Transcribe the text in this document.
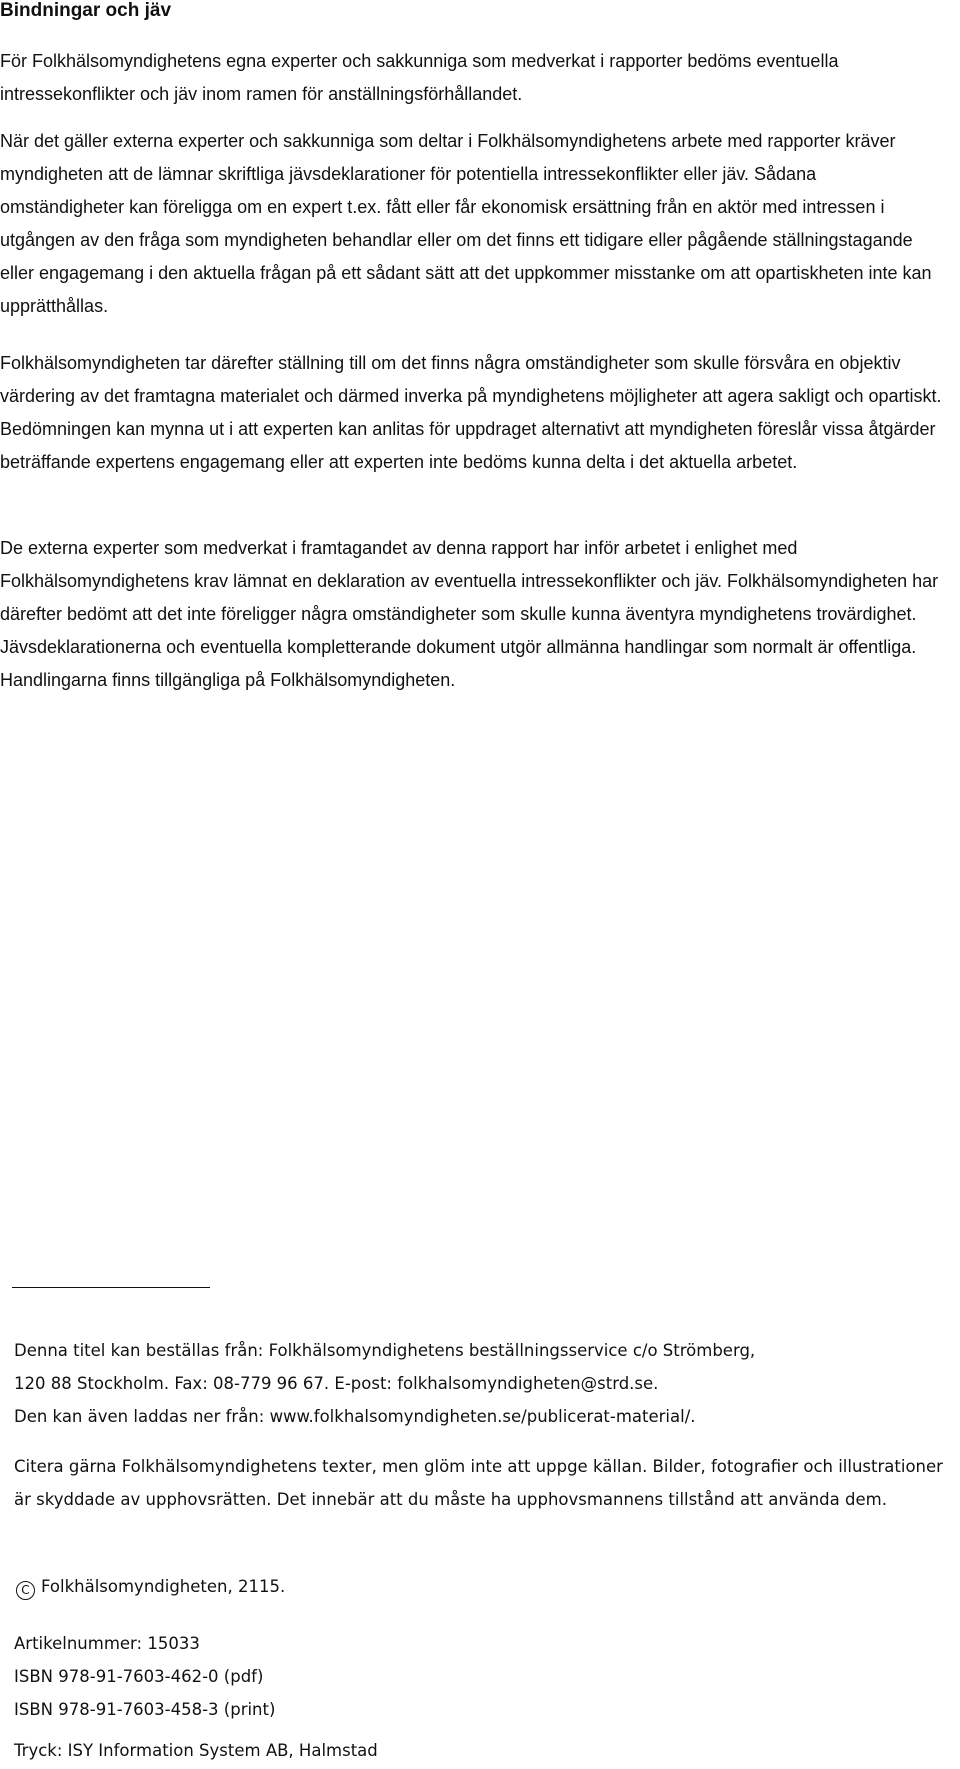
Bindningar och jäv

För Folkhälsomyndighetens egna experter och sakkunniga som medverkat i rapporter bedöms eventuella intressekonflikter och jäv inom ramen för anställningsförhållandet.

När det gäller externa experter och sakkunniga som deltar i Folkhälsomyndighetens arbete med rapporter kräver myndigheten att de lämnar skriftliga jävsdeklarationer för potentiella intressekonflikter eller jäv. Sådana omständigheter kan föreligga om en expert t.ex. fått eller får ekonomisk ersättning från en aktör med intressen i utgången av den fråga som myndigheten behandlar eller om det finns ett tidigare eller pågående ställningstagande eller engagemang i den aktuella frågan på ett sådant sätt att det uppkommer misstanke om att opartiskheten inte kan upprätthållas.

Folkhälsomyndigheten tar därefter ställning till om det finns några omständigheter som skulle försvåra en objektiv värdering av det framtagna materialet och därmed inverka på myndighetens möjligheter att agera sakligt och opartiskt. Bedömningen kan mynna ut i att experten kan anlitas för uppdraget alternativt att myndigheten föreslår vissa åtgärder beträffande expertens engagemang eller att experten inte bedöms kunna delta i det aktuella arbetet.

De externa experter som medverkat i framtagandet av denna rapport har inför arbetet i enlighet med Folkhälsomyndighetens krav lämnat en deklaration av eventuella intressekonflikter och jäv. Folkhälsomyndigheten har därefter bedömt att det inte föreligger några omständigheter som skulle kunna äventyra myndighetens trovärdighet. Jävsdeklarationerna och eventuella kompletterande dokument utgör allmänna handlingar som normalt är offentliga. Handlingarna finns tillgängliga på Folkhälsomyndigheten.

Denna titel kan beställas från: Folkhälsomyndighetens beställningsservice c/o Strömberg,
120 88 Stockholm. Fax: 08-779 96 67. E-post: folkhalsomyndigheten@strd.se.
Den kan även laddas ner från: www.folkhalsomyndigheten.se/publicerat-material/.

Citera gärna Folkhälsomyndighetens texter, men glöm inte att uppge källan. Bilder, fotografier och illustrationer är skyddade av upphovsrätten. Det innebär att du måste ha upphovsmannens tillstånd att använda dem.

C Folkhälsomyndigheten, 2115.

Artikelnummer: 15033
ISBN 978-91-7603-462-0 (pdf)
ISBN 978-91-7603-458-3 (print)

Tryck: ISY Information System AB, Halmstad
